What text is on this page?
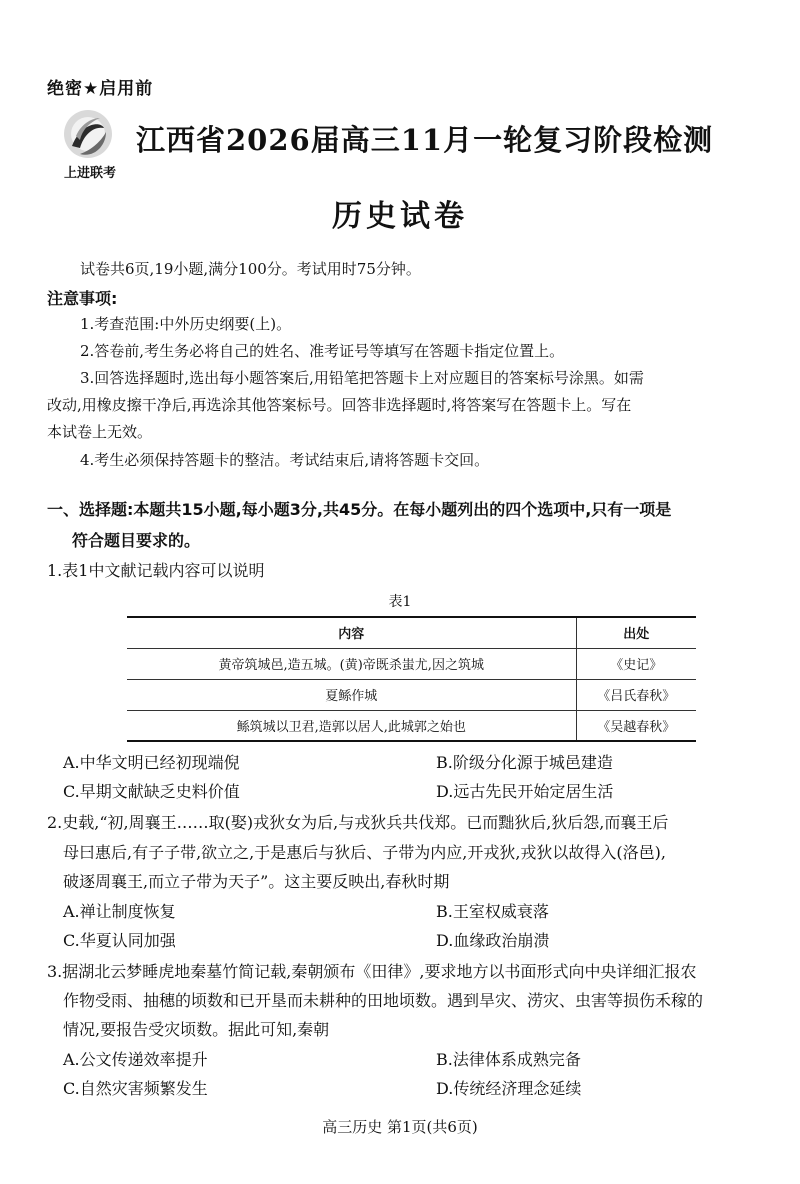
绝密★启用前
上进联考
江西省2026届高三11月一轮复习阶段检测
历史试卷
试卷共6页,19小题,满分100分。考试用时75分钟。
注意事项:
1.考查范围:中外历史纲要(上)。
2.答卷前,考生务必将自己的姓名、准考证号等填写在答题卡指定位置上。
3.回答选择题时,选出每小题答案后,用铅笔把答题卡上对应题目的答案标号涂黑。如需
改动,用橡皮擦干净后,再选涂其他答案标号。回答非选择题时,将答案写在答题卡上。写在
本试卷上无效。
4.考生必须保持答题卡的整洁。考试结束后,请将答题卡交回。
一、选择题:本题共15小题,每小题3分,共45分。在每小题列出的四个选项中,只有一项是
符合题目要求的。
1.表1中文献记载内容可以说明
表1
内容	出处
黄帝筑城邑,造五城。(黄)帝既杀蚩尤,因之筑城	《史记》
夏鲧作城	《吕氏春秋》
鲧筑城以卫君,造郭以居人,此城郭之始也	《吴越春秋》
A.中华文明已经初现端倪	B.阶级分化源于城邑建造
C.早期文献缺乏史料价值	D.远古先民开始定居生活
2.史载,“初,周襄王……取(娶)戎狄女为后,与戎狄兵共伐郑。已而黜狄后,狄后怨,而襄王后
母曰惠后,有子子带,欲立之,于是惠后与狄后、子带为内应,开戎狄,戎狄以故得入(洛邑),
破逐周襄王,而立子带为天子”。这主要反映出,春秋时期
A.禅让制度恢复	B.王室权威衰落
C.华夏认同加强	D.血缘政治崩溃
3.据湖北云梦睡虎地秦墓竹简记载,秦朝颁布《田律》,要求地方以书面形式向中央详细汇报农
作物受雨、抽穗的顷数和已开垦而未耕种的田地顷数。遇到旱灾、涝灾、虫害等损伤禾稼的
情况,要报告受灾顷数。据此可知,秦朝
A.公文传递效率提升	B.法律体系成熟完备
C.自然灾害频繁发生	D.传统经济理念延续
高三历史 第1页(共6页)
